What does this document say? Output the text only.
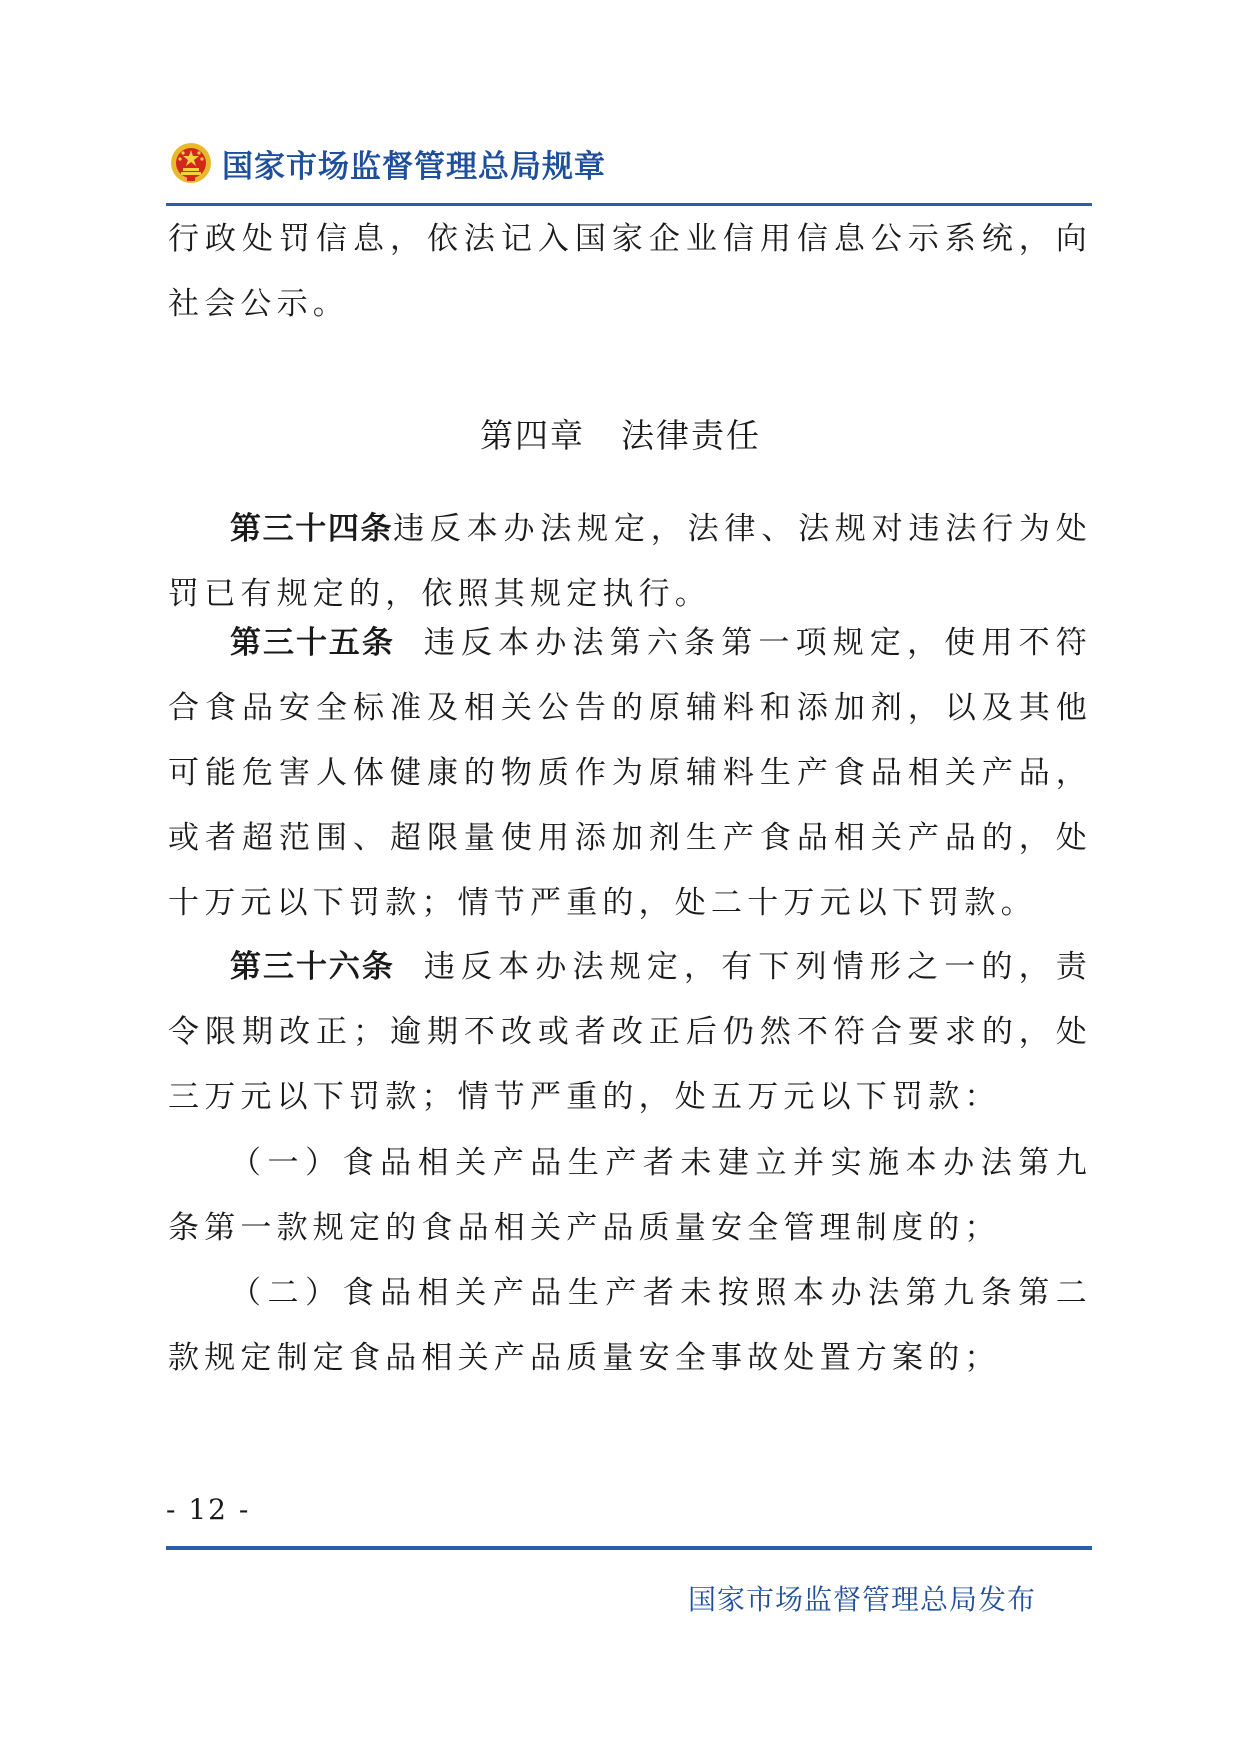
国家市场监督管理总局规章

行政处罚信息，依法记入国家企业信用信息公示系统，向社会公示。

第四章 法律责任

第三十四条违反本办法规定，法律、法规对违法行为处罚已有规定的，依照其规定执行。

第三十五条 违反本办法第六条第一项规定，使用不符合食品安全标准及相关公告的原辅料和添加剂，以及其他可能危害人体健康的物质作为原辅料生产食品相关产品，或者超范围、超限量使用添加剂生产食品相关产品的，处十万元以下罚款；情节严重的，处二十万元以下罚款。

第三十六条 违反本办法规定，有下列情形之一的，责令限期改正；逾期不改或者改正后仍然不符合要求的，处三万元以下罚款；情节严重的，处五万元以下罚款：

（一）食品相关产品生产者未建立并实施本办法第九条第一款规定的食品相关产品质量安全管理制度的；

（二）食品相关产品生产者未按照本办法第九条第二款规定制定食品相关产品质量安全事故处置方案的；

- 12 -
国家市场监督管理总局发布
